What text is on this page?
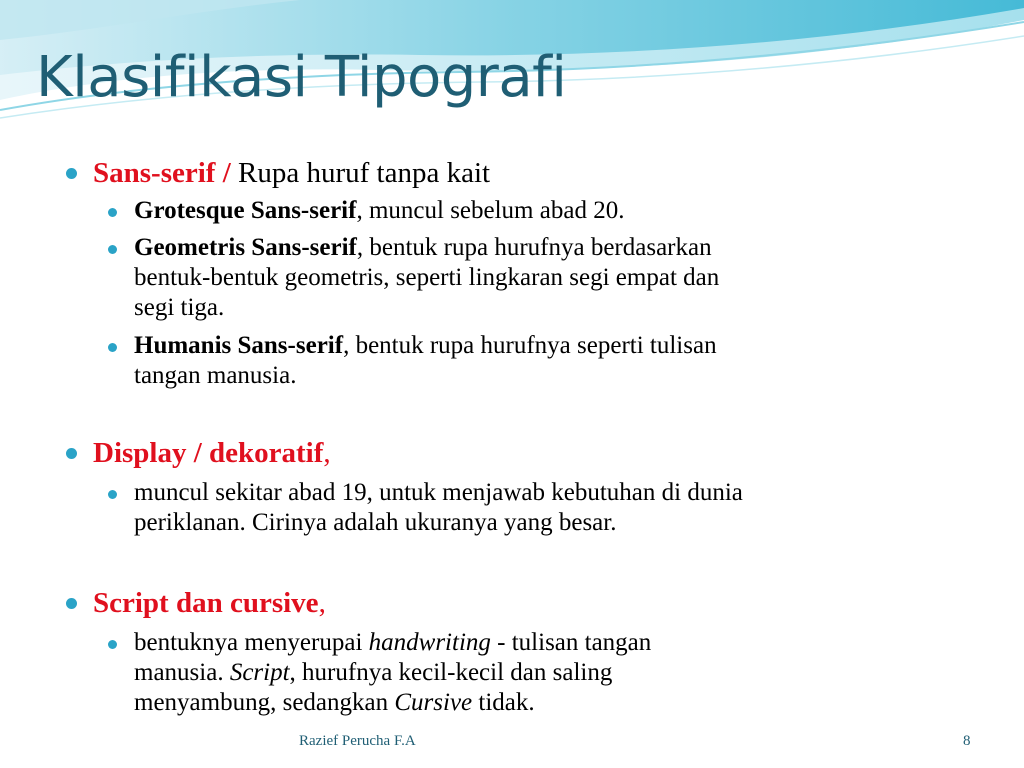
Klasifikasi Tipografi

Sans-serif / Rupa huruf tanpa kait

Grotesque Sans-serif, muncul sebelum abad 20.

Geometris Sans-serif, bentuk rupa hurufnya berdasarkan
bentuk-bentuk geometris, seperti lingkaran segi empat dan
segi tiga.

Humanis Sans-serif, bentuk rupa hurufnya seperti tulisan
tangan manusia.

Display / dekoratif,

muncul sekitar abad 19, untuk menjawab kebutuhan di dunia
periklanan. Cirinya adalah ukuranya yang besar.

Script dan cursive,

bentuknya menyerupai handwriting - tulisan tangan
manusia. Script, hurufnya kecil-kecil dan saling
menyambung, sedangkan Cursive tidak.

Razief Perucha F.A	8
